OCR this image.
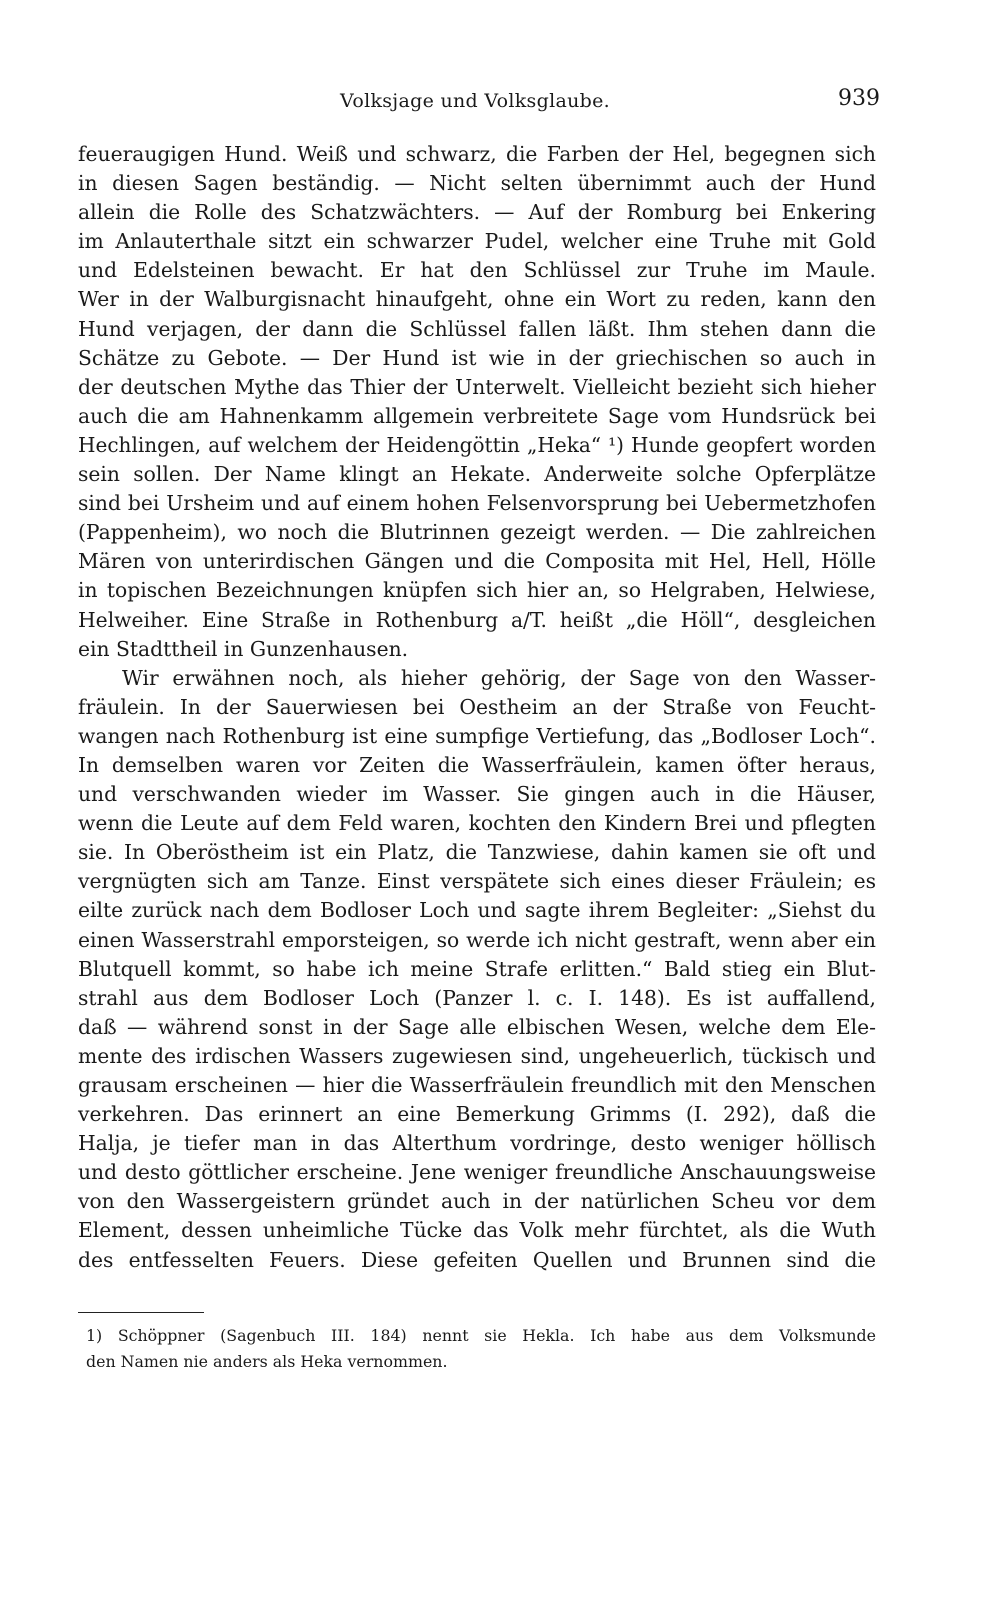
Volksjage und Volksglaube.	939
feueraugigen Hund. Weiß und schwarz, die Farben der Hel, begegnen sich
in diesen Sagen beständig. — Nicht selten übernimmt auch der Hund
allein die Rolle des Schatzwächters. — Auf der Romburg bei Enkering
im Anlauterthale sitzt ein schwarzer Pudel, welcher eine Truhe mit Gold
und Edelsteinen bewacht. Er hat den Schlüssel zur Truhe im Maule.
Wer in der Walburgisnacht hinaufgeht, ohne ein Wort zu reden, kann den
Hund verjagen, der dann die Schlüssel fallen läßt. Ihm stehen dann die
Schätze zu Gebote. — Der Hund ist wie in der griechischen so auch in
der deutschen Mythe das Thier der Unterwelt. Vielleicht bezieht sich hieher
auch die am Hahnenkamm allgemein verbreitete Sage vom Hundsrück bei
Hechlingen, auf welchem der Heidengöttin „Heka“ ¹) Hunde geopfert worden
sein sollen. Der Name klingt an Hekate. Anderweite solche Opferplätze
sind bei Ursheim und auf einem hohen Felsenvorsprung bei Uebermetzhofen
(Pappenheim), wo noch die Blutrinnen gezeigt werden. — Die zahlreichen
Mären von unterirdischen Gängen und die Composita mit Hel, Hell, Hölle
in topischen Bezeichnungen knüpfen sich hier an, so Helgraben, Helwiese,
Helweiher. Eine Straße in Rothenburg a/T. heißt „die Höll“, desgleichen
ein Stadttheil in Gunzenhausen.
Wir erwähnen noch, als hieher gehörig, der Sage von den Wasser-
fräulein. In der Sauerwiesen bei Oestheim an der Straße von Feucht-
wangen nach Rothenburg ist eine sumpfige Vertiefung, das „Bodloser Loch“.
In demselben waren vor Zeiten die Wasserfräulein, kamen öfter heraus,
und verschwanden wieder im Wasser. Sie gingen auch in die Häuser,
wenn die Leute auf dem Feld waren, kochten den Kindern Brei und pflegten
sie. In Oberöstheim ist ein Platz, die Tanzwiese, dahin kamen sie oft und
vergnügten sich am Tanze. Einst verspätete sich eines dieser Fräulein; es
eilte zurück nach dem Bodloser Loch und sagte ihrem Begleiter: „Siehst du
einen Wasserstrahl emporsteigen, so werde ich nicht gestraft, wenn aber ein
Blutquell kommt, so habe ich meine Strafe erlitten.“ Bald stieg ein Blut-
strahl aus dem Bodloser Loch (Panzer l. c. I. 148). Es ist auffallend,
daß — während sonst in der Sage alle elbischen Wesen, welche dem Ele-
mente des irdischen Wassers zugewiesen sind, ungeheuerlich, tückisch und
grausam erscheinen — hier die Wasserfräulein freundlich mit den Menschen
verkehren. Das erinnert an eine Bemerkung Grimms (I. 292), daß die
Halja, je tiefer man in das Alterthum vordringe, desto weniger höllisch
und desto göttlicher erscheine. Jene weniger freundliche Anschauungsweise
von den Wassergeistern gründet auch in der natürlichen Scheu vor dem
Element, dessen unheimliche Tücke das Volk mehr fürchtet, als die Wuth
des entfesselten Feuers. Diese gefeiten Quellen und Brunnen sind die
1) Schöppner (Sagenbuch III. 184) nennt sie Hekla. Ich habe aus dem Volksmunde
den Namen nie anders als Heka vernommen.
